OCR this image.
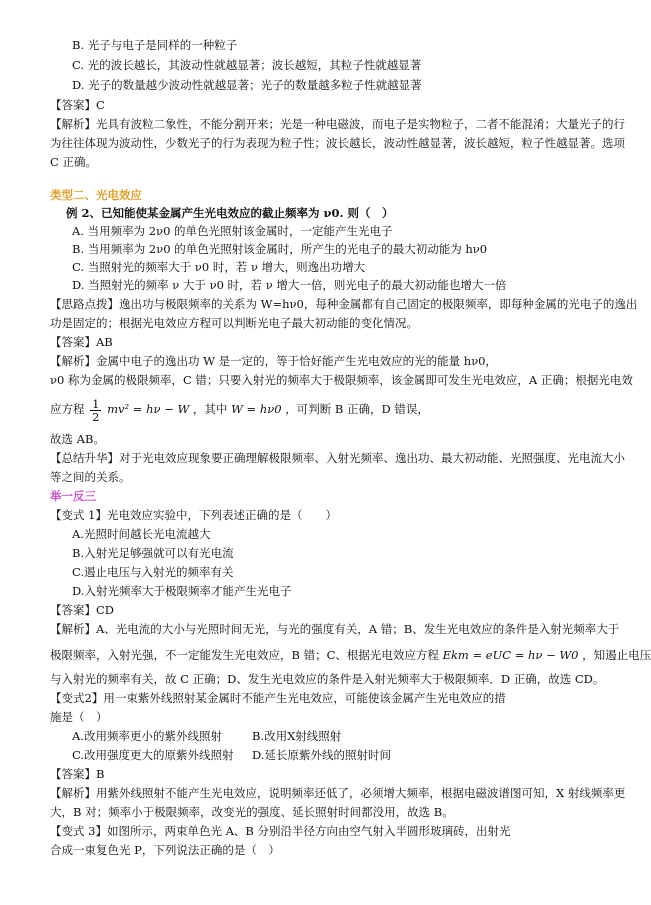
B. 光子与电子是同样的一种粒子
C. 光的波长越长，其波动性就越显著；波长越短，其粒子性就越显著
D. 光子的数量越少波动性就越显著；光子的数量越多粒子性就越显著
【答案】C
【解析】光具有波粒二象性，不能分割开来；光是一种电磁波，而电子是实物粒子，二者不能混淆；大量光子的行
为往往体现为波动性，少数光子的行为表现为粒子性；波长越长，波动性越显著，波长越短，粒子性越显著。选项
C 正确。
类型二、光电效应
例 2、已知能使某金属产生光电效应的截止频率为 ν0. 则（　）
A. 当用频率为 2ν0 的单色光照射该金属时，一定能产生光电子
B. 当用频率为 2ν0 的单色光照射该金属时，所产生的光电子的最大初动能为 hν0
C. 当照射光的频率大于 ν0 时，若 ν 增大，则逸出功增大
D. 当照射光的频率 ν 大于 ν0 时，若 ν 增大一倍，则光电子的最大初动能也增大一倍
【思路点拨】逸出功与极限频率的关系为 W=hν0，每种金属都有自己固定的极限频率，即每种金属的光电子的逸出
功是固定的；根据光电效应方程可以判断光电子最大初动能的变化情况。
【答案】AB
【解析】金属中电子的逸出功 W 是一定的，等于恰好能产生光电效应的光的能量 hν0，
ν0 称为金属的极限频率，C 错；只要入射光的频率大于极限频率，该金属即可发生光电效应，A 正确；根据光电效
应方程 $\frac{1}{2} mv^2 = h\nu - W$ ，其中 W = hν0 ，可判断 B 正确，D 错误，
故选 AB。
【总结升华】对于光电效应现象要正确理解极限频率、入射光频率、逸出功、最大初动能、光照强度、光电流大小
等之间的关系。
举一反三
【变式 1】光电效应实验中，下列表述正确的是（　　）
A.光照时间越长光电流越大
B.入射光足够强就可以有光电流
C.遏止电压与入射光的频率有关
D.入射光频率大于极限频率才能产生光电子
【答案】CD
【解析】A、光电流的大小与光照时间无光，与光的强度有关，A 错；B、发生光电效应的条件是入射光频率大于
极限频率，入射光强，不一定能发生光电效应，B 错；C、根据光电效应方程 Ekm = eUC = hν − W0 ，知遏止电压
与入射光的频率有关，故 C 正确；D、发生光电效应的条件是入射光频率大于极限频率．D 正确，故选 CD。
【变式2】用一束紫外线照射某金属时不能产生光电效应，可能使该金属产生光电效应的措
施是（　）
A.改用频率更小的紫外线照射	B.改用X射线照射
C.改用强度更大的原紫外线照射 D.延长原紫外线的照射时间
【答案】B
【解析】用紫外线照射不能产生光电效应，说明频率还低了，必须增大频率，根据电磁波谱图可知，X 射线频率更
大，B 对；频率小于极限频率，改变光的强度、延长照射时间都没用，故选 B。
【变式 3】如图所示，两束单色光 A、B 分别沿半径方向由空气射入半圆形玻璃砖，出射光
合成一束复色光 P，下列说法正确的是（　）
